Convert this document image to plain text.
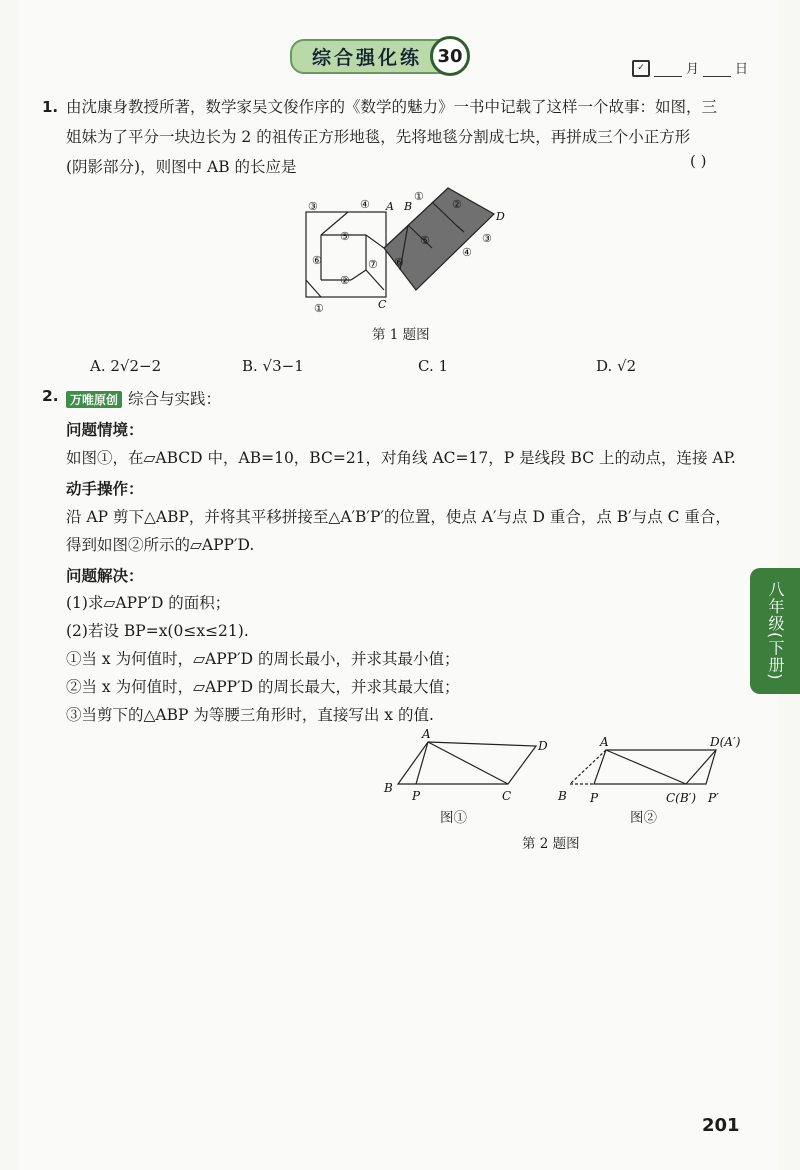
综合强化练 30
✓	月	日
1. 由沈康身教授所著，数学家吴文俊作序的《数学的魅力》一书中记载了这样一个故事：如图，三
姐妹为了平分一块边长为 2 的祖传正方形地毯，先将地毯分割成七块，再拼成三个小正方形
(阴影部分)，则图中 AB 的长应是	( )
A B
D
C
③	④
①
②
⑤	⑤
⑥	⑥
⑦
②
③
④
①
第 1 题图
A. 2√2−2	B. √3−1	C. 1	D. √2
2. 万唯原创 综合与实践：
问题情境：
如图①，在▱ABCD 中，AB=10，BC=21，对角线 AC=17，P 是线段 BC 上的动点，连接 AP.
动手操作：
沿 AP 剪下△ABP，并将其平移拼接至△A′B′P′的位置，使点 A′与点 D 重合，点 B′与点 C 重合，
得到如图②所示的▱APP′D.
问题解决：
(1)求▱APP′D 的面积；
(2)若设 BP=x(0≤x≤21).
①当 x 为何值时，▱APP′D 的周长最小，并求其最小值；
②当 x 为何值时，▱APP′D 的周长最大，并求其最大值；
③当剪下的△ABP 为等腰三角形时，直接写出 x 的值.
A
D
B
P	C
图①
A	D(A′)
B P	C(B′) P′
图②
第 2 题图
八年级(下册)
201
